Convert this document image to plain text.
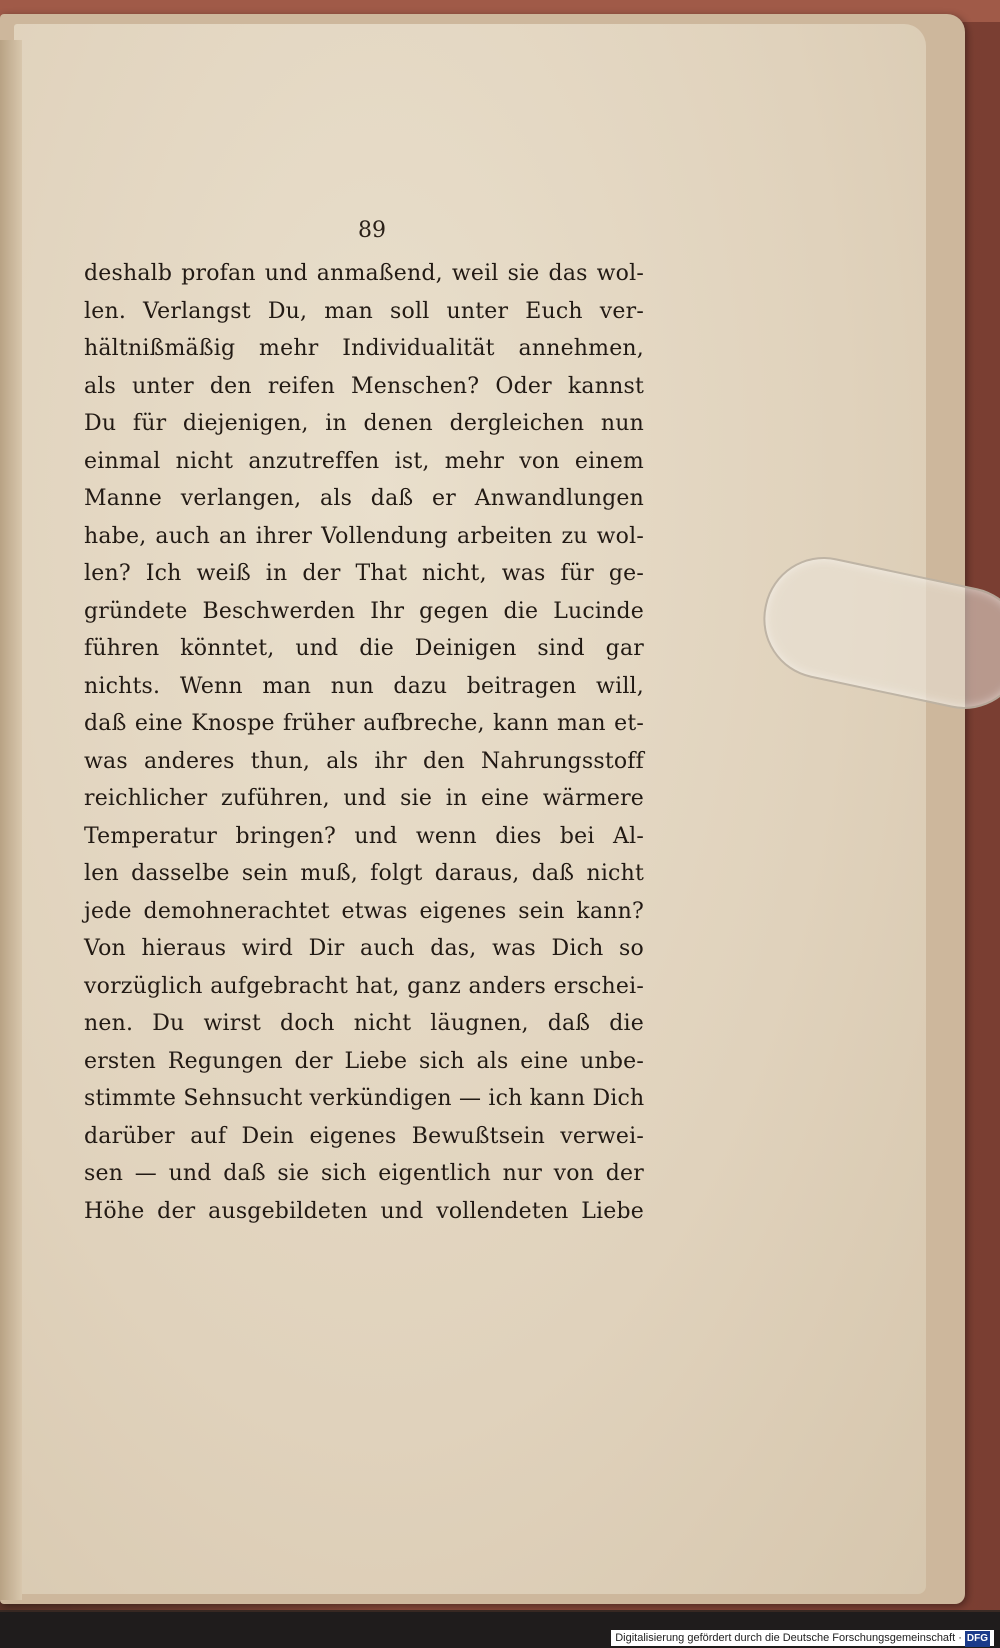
89
deshalb profan und anmaßend, weil sie das wol-
len. Verlangst Du, man soll unter Euch ver-
hältnißmäßig mehr Individualität annehmen,
als unter den reifen Menschen? Oder kannst
Du für diejenigen, in denen dergleichen nun
einmal nicht anzutreffen ist, mehr von einem
Manne verlangen, als daß er Anwandlungen
habe, auch an ihrer Vollendung arbeiten zu wol-
len? Ich weiß in der That nicht, was für ge-
gründete Beschwerden Ihr gegen die Lucinde
führen könntet, und die Deinigen sind gar
nichts. Wenn man nun dazu beitragen will,
daß eine Knospe früher aufbreche, kann man et-
was anderes thun, als ihr den Nahrungsstoff
reichlicher zuführen, und sie in eine wärmere
Temperatur bringen? und wenn dies bei Al-
len dasselbe sein muß, folgt daraus, daß nicht
jede demohnerachtet etwas eigenes sein kann?
Von hieraus wird Dir auch das, was Dich so
vorzüglich aufgebracht hat, ganz anders erschei-
nen. Du wirst doch nicht läugnen, daß die
ersten Regungen der Liebe sich als eine unbe-
stimmte Sehnsucht verkündigen — ich kann Dich
darüber auf Dein eigenes Bewußtsein verwei-
sen — und daß sie sich eigentlich nur von der
Höhe der ausgebildeten und vollendeten Liebe
Digitalisierung gefördert durch die Deutsche Forschungsgemeinschaft · DFG
